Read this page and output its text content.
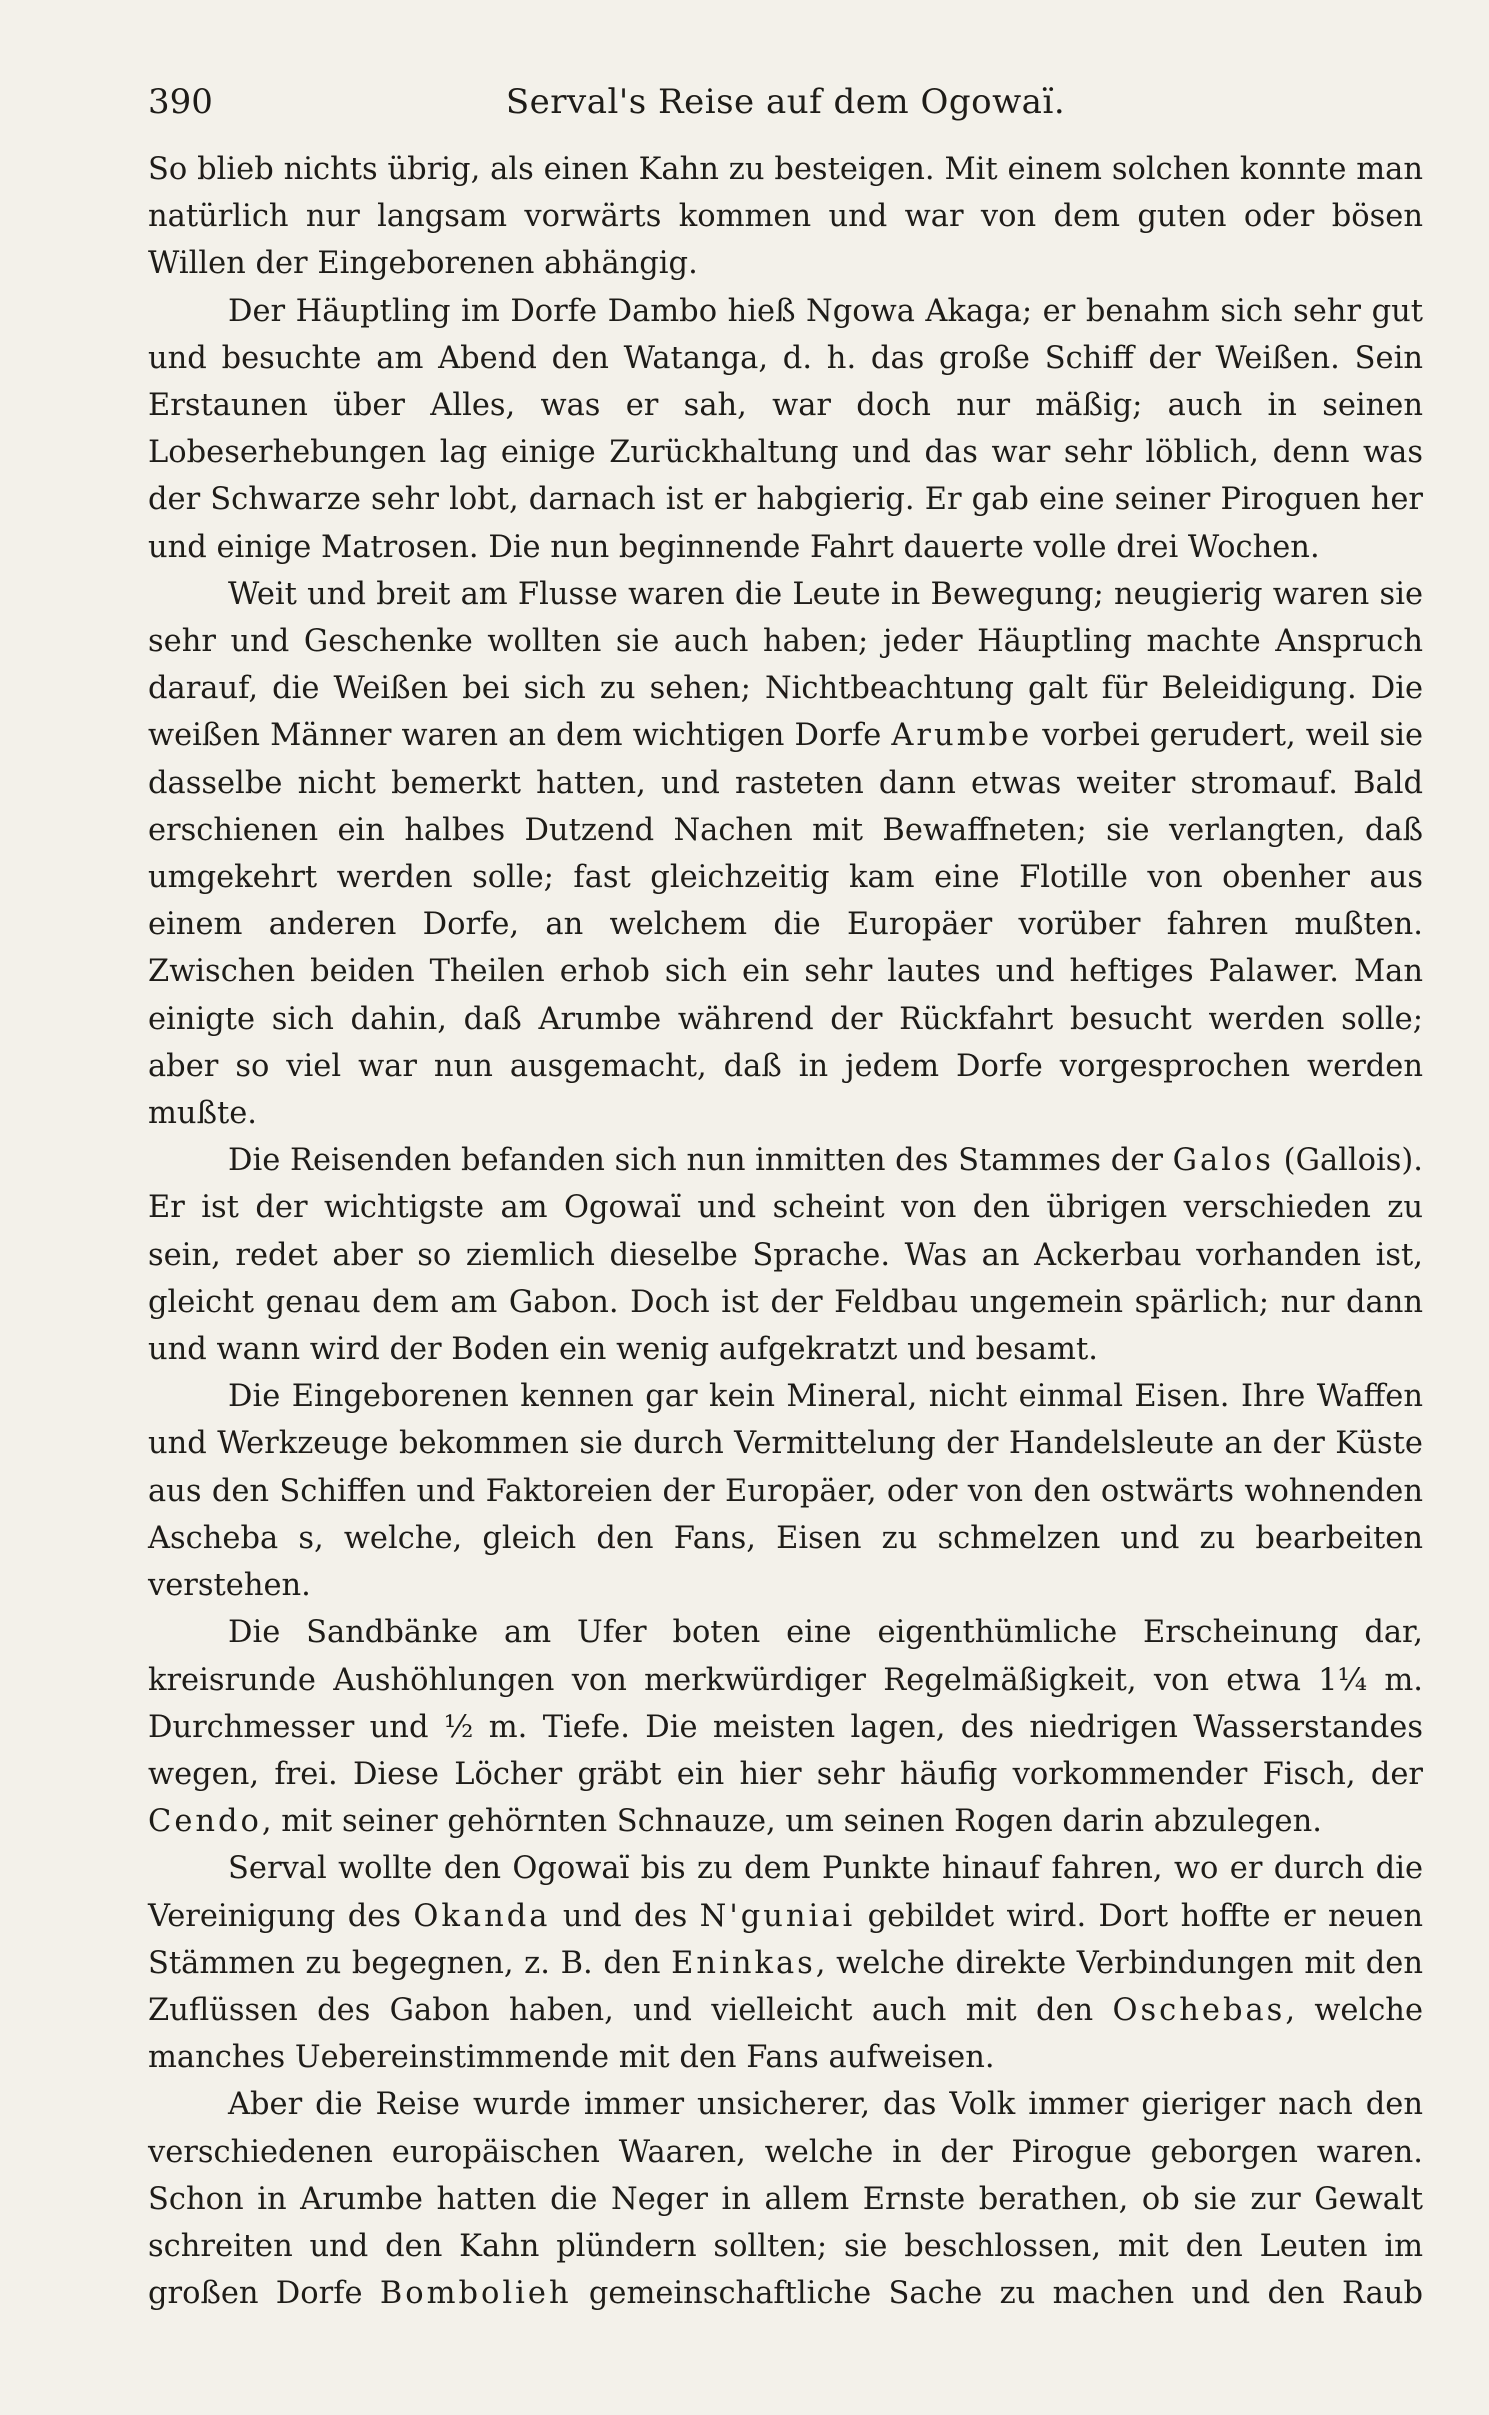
390	Serval's Reise auf dem Ogowaï.

So blieb nichts übrig, als einen Kahn zu besteigen. Mit einem solchen konnte man natürlich nur langsam vorwärts kommen und war von dem guten oder bösen Willen der Eingeborenen abhängig.

Der Häuptling im Dorfe Dambo hieß Ngowa Akaga; er benahm sich sehr gut und besuchte am Abend den Watanga, d. h. das große Schiff der Weißen. Sein Erstaunen über Alles, was er sah, war doch nur mäßig; auch in seinen Lobeserhebungen lag einige Zurückhaltung und das war sehr löblich, denn was der Schwarze sehr lobt, darnach ist er habgierig. Er gab eine seiner Piroguen her und einige Matrosen. Die nun beginnende Fahrt dauerte volle drei Wochen.

Weit und breit am Flusse waren die Leute in Bewegung; neugierig waren sie sehr und Geschenke wollten sie auch haben; jeder Häuptling machte Anspruch darauf, die Weißen bei sich zu sehen; Nichtbeachtung galt für Beleidigung. Die weißen Männer waren an dem wichtigen Dorfe Arumbe vorbei gerudert, weil sie dasselbe nicht bemerkt hatten, und rasteten dann etwas weiter stromauf. Bald erschienen ein halbes Dutzend Nachen mit Bewaffneten; sie verlangten, daß umgekehrt werden solle; fast gleichzeitig kam eine Flotille von obenher aus einem anderen Dorfe, an welchem die Europäer vorüber fahren mußten. Zwischen beiden Theilen erhob sich ein sehr lautes und heftiges Palawer. Man einigte sich dahin, daß Arumbe während der Rückfahrt besucht werden solle; aber so viel war nun ausgemacht, daß in jedem Dorfe vorgesprochen werden mußte.

Die Reisenden befanden sich nun inmitten des Stammes der Galos (Gallois). Er ist der wichtigste am Ogowaï und scheint von den übrigen verschieden zu sein, redet aber so ziemlich dieselbe Sprache. Was an Ackerbau vorhanden ist, gleicht genau dem am Gabon. Doch ist der Feldbau ungemein spärlich; nur dann und wann wird der Boden ein wenig aufgekratzt und besamt.

Die Eingeborenen kennen gar kein Mineral, nicht einmal Eisen. Ihre Waffen und Werkzeuge bekommen sie durch Vermittelung der Handelsleute an der Küste aus den Schiffen und Faktoreien der Europäer, oder von den ostwärts wohnenden Ascheba s, welche, gleich den Fans, Eisen zu schmelzen und zu bearbeiten verstehen.

Die Sandbänke am Ufer boten eine eigenthümliche Erscheinung dar, kreisrunde Aushöhlungen von merkwürdiger Regelmäßigkeit, von etwa 1¼ m. Durchmesser und ½ m. Tiefe. Die meisten lagen, des niedrigen Wasserstandes wegen, frei. Diese Löcher gräbt ein hier sehr häufig vorkommender Fisch, der Cendo, mit seiner gehörnten Schnauze, um seinen Rogen darin abzulegen.

Serval wollte den Ogowaï bis zu dem Punkte hinauf fahren, wo er durch die Vereinigung des Okanda und des N'guniai gebildet wird. Dort hoffte er neuen Stämmen zu begegnen, z. B. den Eninkas, welche direkte Verbindungen mit den Zuflüssen des Gabon haben, und vielleicht auch mit den Oschebas, welche manches Uebereinstimmende mit den Fans aufweisen.

Aber die Reise wurde immer unsicherer, das Volk immer gieriger nach den verschiedenen europäischen Waaren, welche in der Pirogue geborgen waren. Schon in Arumbe hatten die Neger in allem Ernste berathen, ob sie zur Gewalt schreiten und den Kahn plündern sollten; sie beschlossen, mit den Leuten im großen Dorfe Bombolieh gemeinschaftliche Sache zu machen und den Raub
